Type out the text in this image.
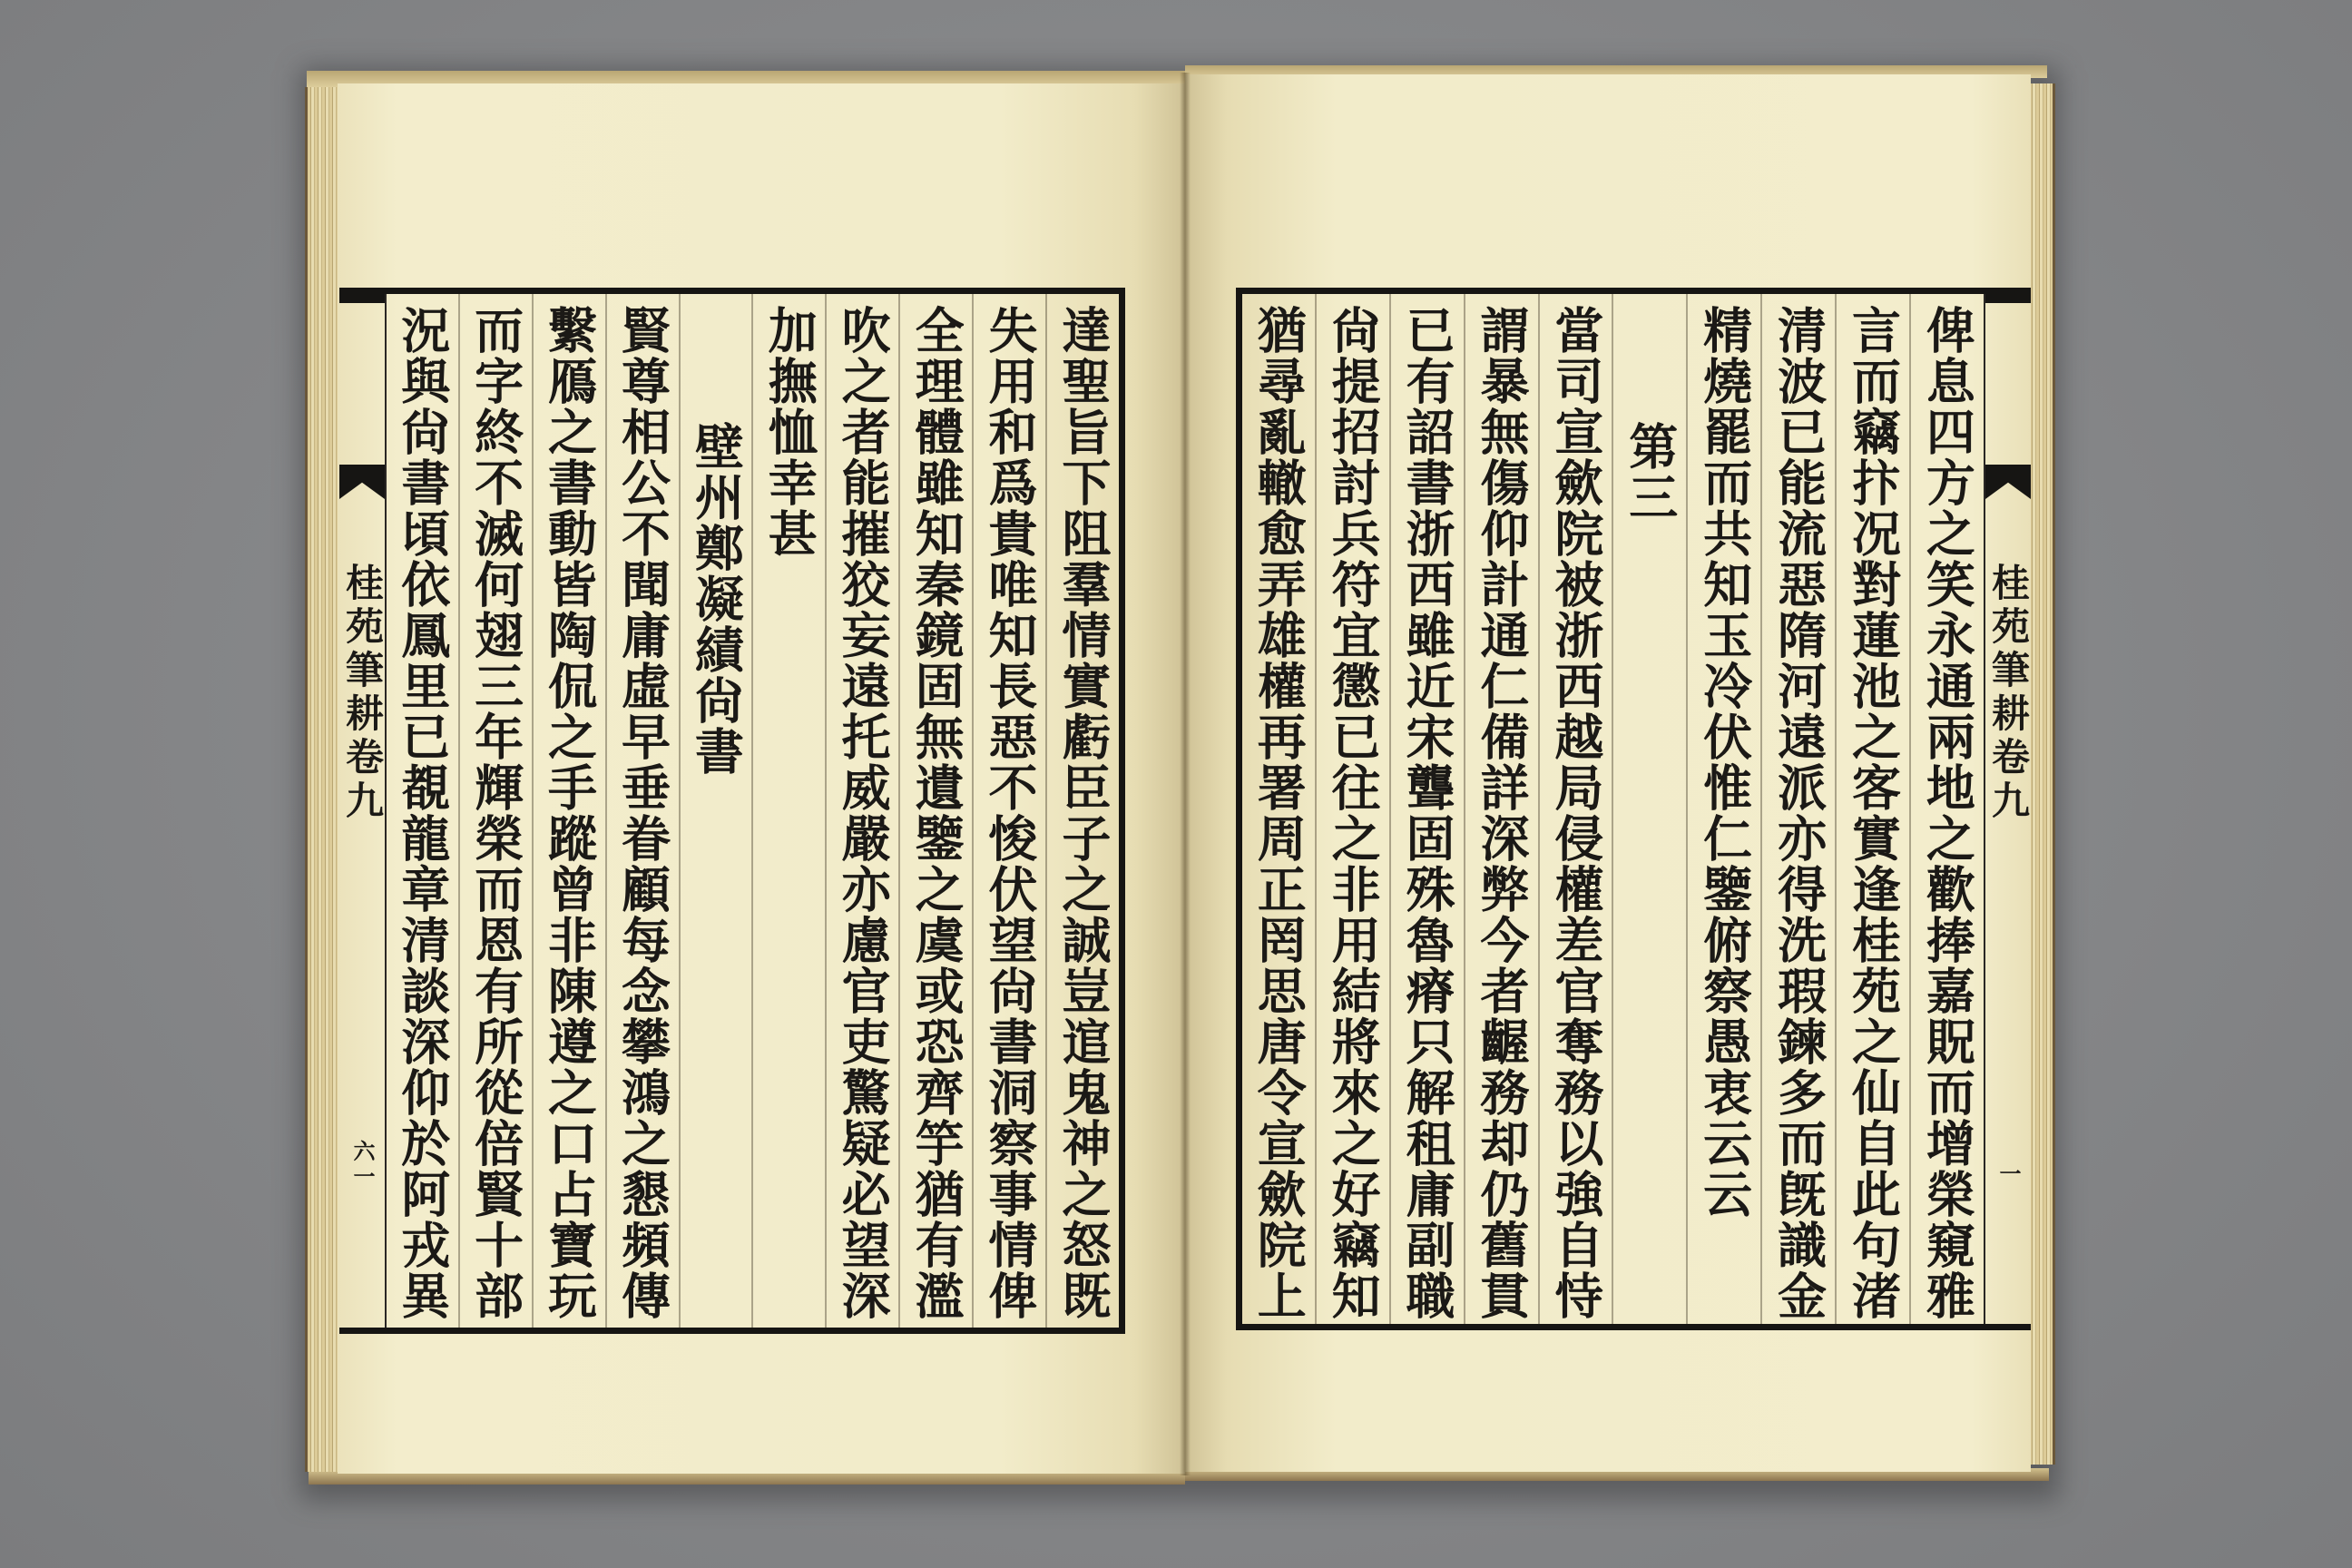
桂苑筆耕卷九
六一	達聖旨下阻羣情實虧臣子之誠豈逭鬼神之怒既
失用和爲貴唯知長惡不悛伏望尙書洞察事情俾
全理體雖知秦鏡固無遺鑒之虞或恐齊竽猶有濫
吹之者能摧狡妄遠托威嚴亦慮官吏驚疑必望深
加撫恤幸甚
壁州鄭凝績尙書
賢尊相公不聞庸虛早垂眷顧每念攀鴻之懇頻傳
繫鴈之書動皆陶侃之手蹤曾非陳遵之口占寶玩
而字終不滅何翅三年輝榮而恩有所從倍賢十部
況與尙書頃依鳳里已覩龍章清談深仰於阿戎異	俾息四方之笑永通兩地之歡捧嘉貺而增榮窺雅
言而竊抃况對蓮池之客實逢桂苑之仙自此句渚
清波已能流惡隋河遠派亦得洗瑕鍊多而旣識金
精燒罷而共知玉冷伏惟仁鑒俯察愚衷云云
第三
當司宣歛院被浙西越局侵權差官奪務以強自恃
謂暴無傷仰計通仁備詳深弊今者齷務却仍舊貫
已有詔書浙西雖近宋聾固殊魯瘠只解租庸副職
尙提招討兵符宜懲已往之非用結將來之好竊知
猶尋亂轍愈弄雄權再署周正罔思唐令宣歛院上	桂苑筆耕卷九
一
